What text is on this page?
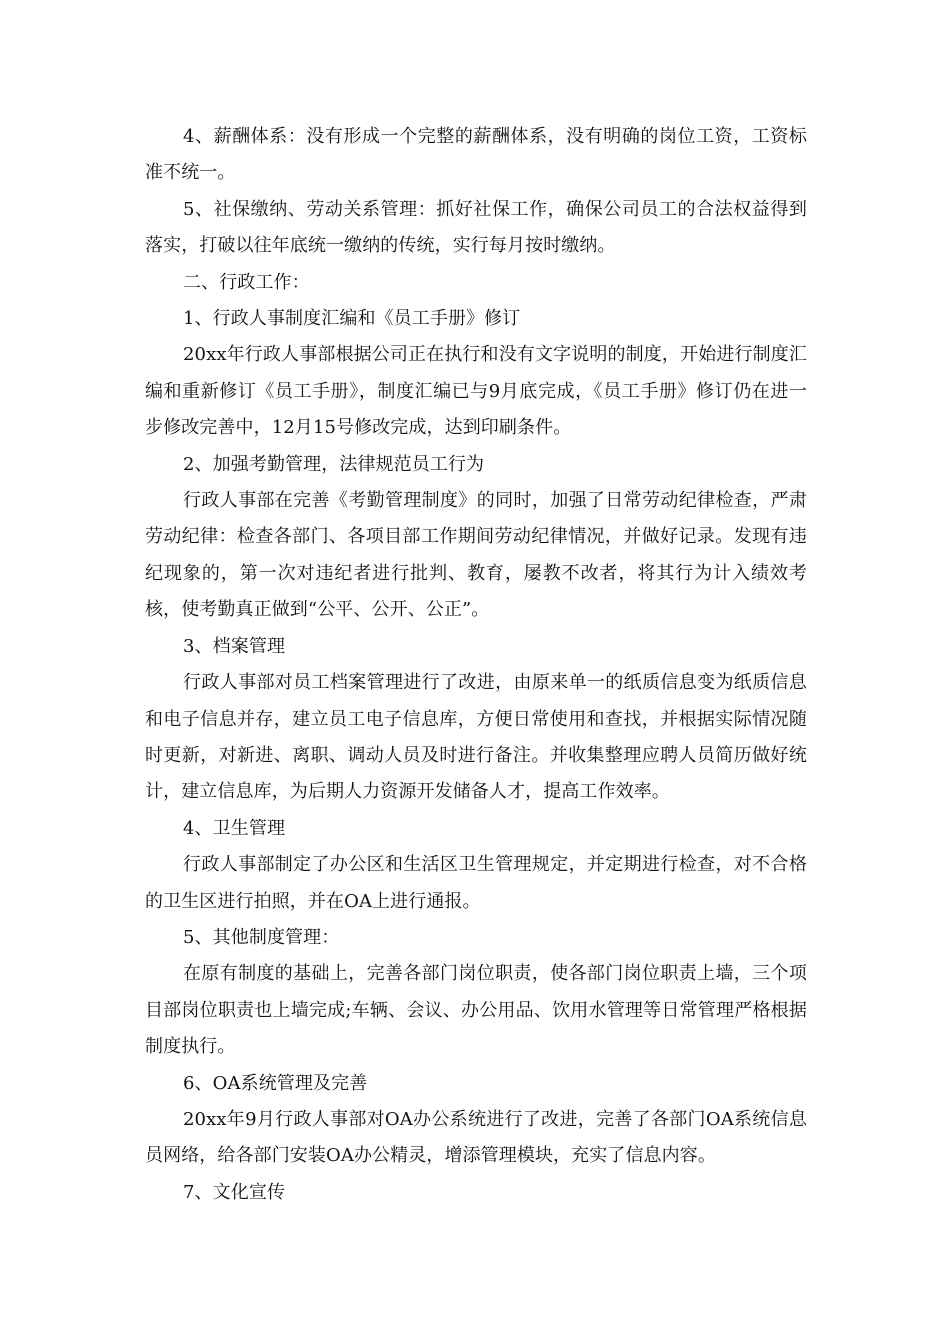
4、薪酬体系：没有形成一个完整的薪酬体系，没有明确的岗位工资，工资标准不统一。

5、社保缴纳、劳动关系管理：抓好社保工作，确保公司员工的合法权益得到落实，打破以往年底统一缴纳的传统，实行每月按时缴纳。

二、行政工作：

1、行政人事制度汇编和《员工手册》修订

20xx年行政人事部根据公司正在执行和没有文字说明的制度，开始进行制度汇编和重新修订《员工手册》，制度汇编已与9月底完成，《员工手册》修订仍在进一步修改完善中，12月15号修改完成，达到印刷条件。

2、加强考勤管理，法律规范员工行为

行政人事部在完善《考勤管理制度》的同时，加强了日常劳动纪律检查，严肃劳动纪律：检查各部门、各项目部工作期间劳动纪律情况，并做好记录。发现有违纪现象的，第一次对违纪者进行批判、教育，屡教不改者，将其行为计入绩效考核，使考勤真正做到“公平、公开、公正”。

3、档案管理

行政人事部对员工档案管理进行了改进，由原来单一的纸质信息变为纸质信息和电子信息并存，建立员工电子信息库，方便日常使用和查找，并根据实际情况随时更新，对新进、离职、调动人员及时进行备注。并收集整理应聘人员简历做好统计，建立信息库，为后期人力资源开发储备人才，提高工作效率。

4、卫生管理

行政人事部制定了办公区和生活区卫生管理规定，并定期进行检查，对不合格的卫生区进行拍照，并在OA上进行通报。

5、其他制度管理：

在原有制度的基础上，完善各部门岗位职责，使各部门岗位职责上墙，三个项目部岗位职责也上墙完成;车辆、会议、办公用品、饮用水管理等日常管理严格根据制度执行。

6、OA系统管理及完善

20xx年9月行政人事部对OA办公系统进行了改进，完善了各部门OA系统信息员网络，给各部门安装OA办公精灵，增添管理模块，充实了信息内容。

7、文化宣传
